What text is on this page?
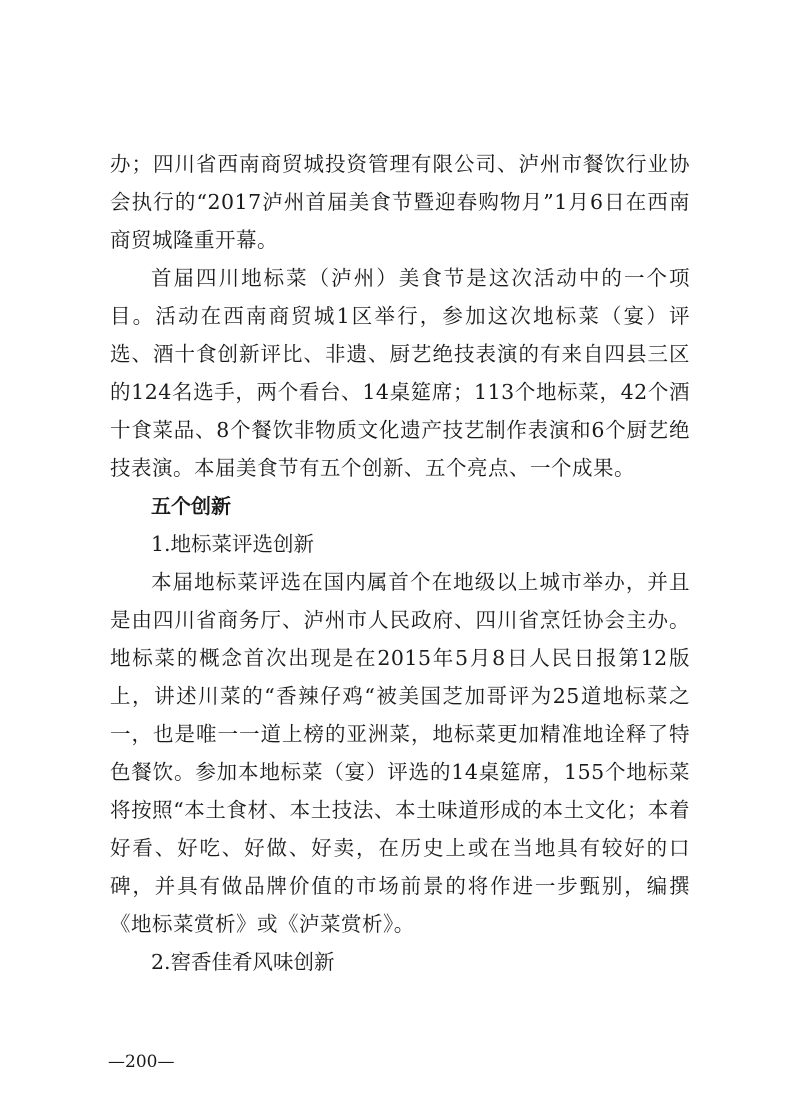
办；四川省西南商贸城投资管理有限公司、泸州市餐饮行业协会执行的“2017泸州首届美食节暨迎春购物月”1月6日在西南商贸城隆重开幕。

首届四川地标菜（泸州）美食节是这次活动中的一个项目。活动在西南商贸城1区举行，参加这次地标菜（宴）评选、酒十食创新评比、非遗、厨艺绝技表演的有来自四县三区的124名选手，两个看台、14桌筵席；113个地标菜，42个酒十食菜品、8个餐饮非物质文化遗产技艺制作表演和6个厨艺绝技表演。本届美食节有五个创新、五个亮点、一个成果。

五个创新

1.地标菜评选创新

本届地标菜评选在国内属首个在地级以上城市举办，并且是由四川省商务厅、泸州市人民政府、四川省烹饪协会主办。地标菜的概念首次出现是在2015年5月8日人民日报第12版上，讲述川菜的“香辣仔鸡“被美国芝加哥评为25道地标菜之一，也是唯一一道上榜的亚洲菜，地标菜更加精准地诠释了特色餐饮。参加本地标菜（宴）评选的14桌筵席，155个地标菜将按照“本土食材、本土技法、本土味道形成的本土文化；本着好看、好吃、好做、好卖，在历史上或在当地具有较好的口碑，并具有做品牌价值的市场前景的将作进一步甄别，编撰《地标菜赏析》或《泸菜赏析》。

2.窖香佳肴风味创新

—200—
